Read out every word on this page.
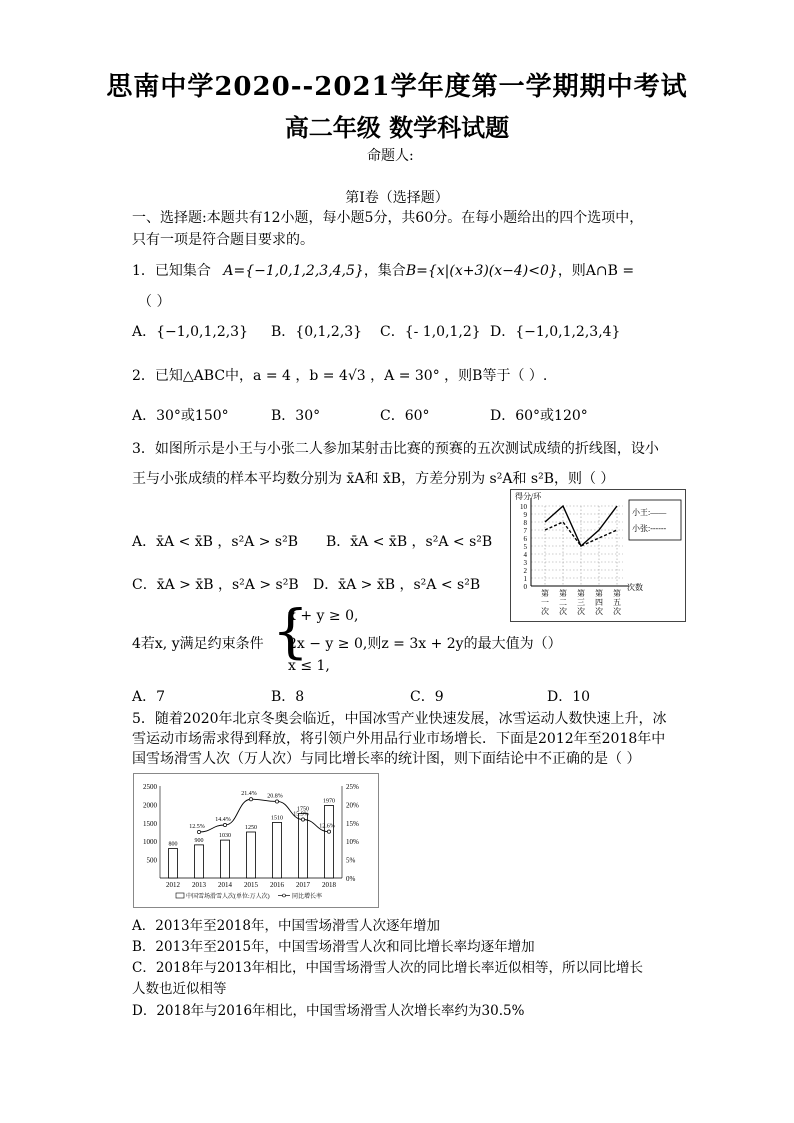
思南中学2020--2021学年度第一学期期中考试
高二年级 数学科试题
命题人:
第Ⅰ卷（选择题）
一、选择题:本题共有12小题，每小题5分，共60分。在每小题给出的四个选项中，
只有一项是符合题目要求的。
1．已知集合 A={−1,0,1,2,3,4,5}，集合B={x|(x+3)(x−4)<0}，则A∩B =
（ ）
A．{−1,0,1,2,3} B．{0,1,2,3} C．{- 1,0,1,2} D．{−1,0,1,2,3,4}
2．已知△ABC中，a = 4 ，b = 4√3 ，A = 30° ，则B等于（ ）.
A．30°或150°	B．30°	C．60°	D．60°或120°
3．如图所示是小王与小张二人参加某射击比赛的预赛的五次测试成绩的折线图，设小
王与小张成绩的样本平均数分别为 x̄A和 x̄B，方差分别为 s²A和 s²B，则（ ）
A．x̄A < x̄B ，s²A > s²B B．x̄A < x̄B ，s²A < s²B
C．x̄A > x̄B ，s²A > s²B D．x̄A > x̄B ，s²A < s²B
得分/环
10
9
8
7
6
5
4
3
2
1
0
第
一
次
第
二
次
第
三
次
第
四
次
第
五
次
次数
小王:——
小张:------
4若x, y满足约束条件 {
x + y ≥ 0,
2x − y ≥ 0,则z = 3x + 2y的最大值为（）
x ≤ 1,
A．7	B．8	C．9	D．10
5．随着2020年北京冬奥会临近，中国冰雪产业快速发展，冰雪运动人数快速上升，冰
雪运动市场需求得到释放，将引领户外用品行业市场增长．下面是2012年至2018年中
国雪场滑雪人次（万人次）与同比增长率的统计图，则下面结论中不正确的是（ ）
2500
2000
1500
1000
500
25%
20%
15%
10%
5%
0%
800
2012
900
2013
1030
2014
1250
2015
1510
2016
1750
2017
1970
2018
12.5%
14.4%
21.4% 20.8%
15.9%
12.6%
中国雪场滑雪人次(单位:万人次)	同比增长率
A．2013年至2018年，中国雪场滑雪人次逐年增加
B．2013年至2015年，中国雪场滑雪人次和同比增长率均逐年增加
C．2018年与2013年相比，中国雪场滑雪人次的同比增长率近似相等，所以同比增长
人数也近似相等
D．2018年与2016年相比，中国雪场滑雪人次增长率约为30.5%
